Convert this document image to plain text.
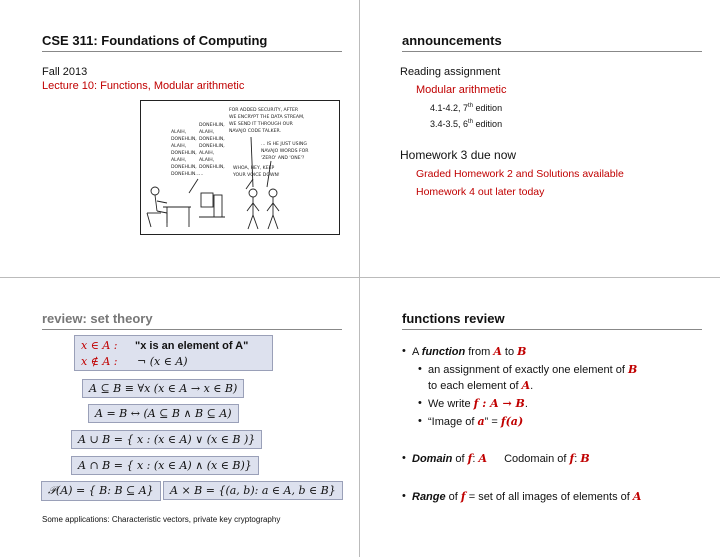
CSE 311: Foundations of Computing
Fall 2013
Lecture 10: Functions, Modular arithmetic
ALAIH,
DONEHLIN,
ALAIH,
DONEHLIN,
ALAIH,
DONEHLIN,
DONEHLIN...
DONEHLIN,
ALAIH,
DONEHLIN,
DONEHLIN,
ALAIH,
ALAIH,
DONEHLIN,
...
FOR ADDED SECURITY, AFTER
WE ENCRYPT THE DATA STREAM,
WE SEND IT THROUGH OUR
NAVAJO CODE TALKER.
... IS HE JUST USING
NAVAJO WORDS FOR
'ZERO' AND 'ONE'?
WHOA, HEY, KEEP
YOUR VOICE DOWN!
announcements
Reading assignment
Modular arithmetic
4.1-4.2, 7th edition
3.4-3.5, 6th edition
Homework 3 due now
Graded Homework 2 and Solutions available
Homework 4 out later today
review: set theory
x ∈ A : "x is an element of A"
x ∉ A : ¬ (x ∈ A)
A ⊆ B ≡ ∀x (x ∈ A → x ∈ B)
A = B ↔ (A ⊆ B ∧ B ⊆ A)
A ∪ B = { x : (x ∈ A) ∨ (x ∈ B )}
A ∩ B = { x : (x ∈ A) ∧ (x ∈ B)}
𝒫(A) = { B: B ⊆ A}	A × B = {(a, b): a ∈ A, b ∈ B}
Some applications: Characteristic vectors, private key cryptography
functions review
• A function from A to B
• an assignment of exactly one element of B
to each element of A.
• We write f : A → B.
• “Image of a” = f(a)
• Domain of f: A Codomain of f: B
• Range of f = set of all images of elements of A
